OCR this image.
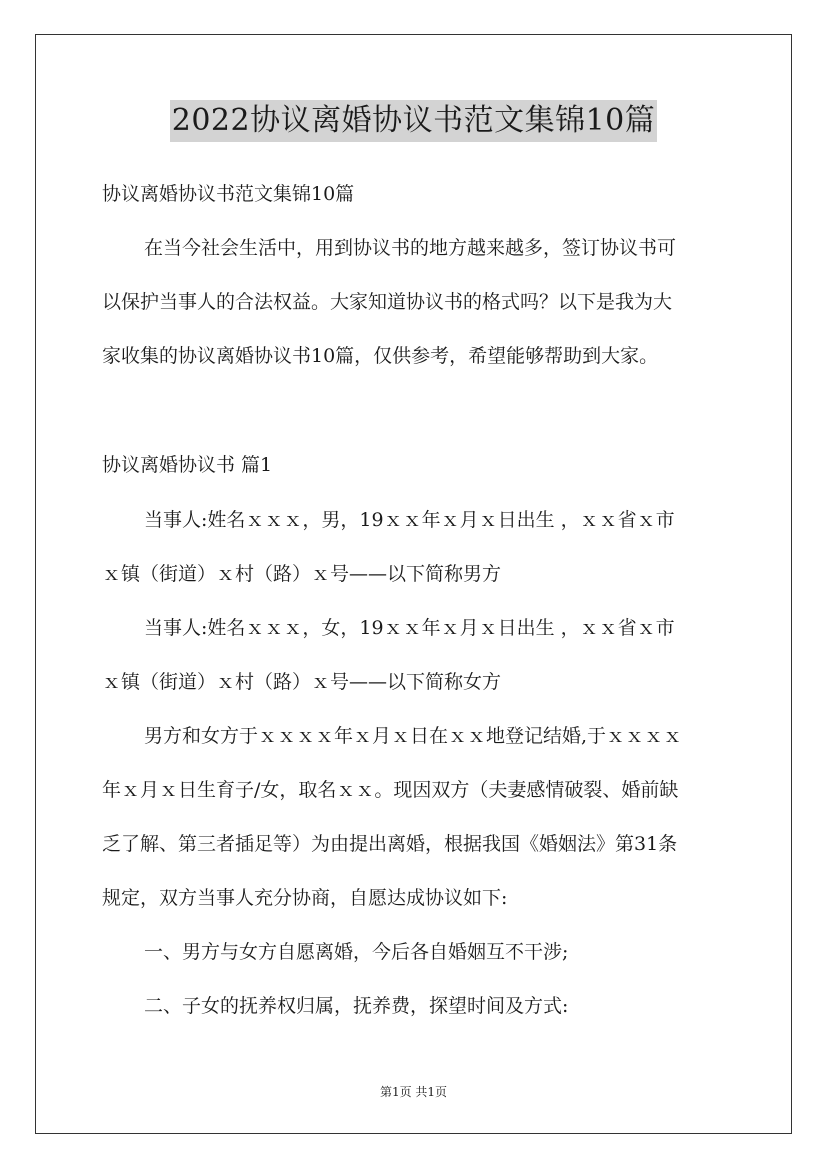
2022协议离婚协议书范文集锦10篇
协议离婚协议书范文集锦10篇
在当今社会生活中，用到协议书的地方越来越多，签订协议书可
以保护当事人的合法权益。大家知道协议书的格式吗？以下是我为大
家收集的协议离婚协议书10篇，仅供参考，希望能够帮助到大家。
协议离婚协议书 篇1
当事人:姓名ｘｘｘ，男，19ｘｘ年ｘ月ｘ日出生 ，ｘｘ省ｘ市
ｘ镇（街道）ｘ村（路）ｘ号——以下简称男方
当事人:姓名ｘｘｘ，女，19ｘｘ年ｘ月ｘ日出生 ，ｘｘ省ｘ市
ｘ镇（街道）ｘ村（路）ｘ号——以下简称女方
男方和女方于ｘｘｘｘ年ｘ月ｘ日在ｘｘ地登记结婚,于ｘｘｘｘ
年ｘ月ｘ日生育子/女，取名ｘｘ。现因双方（夫妻感情破裂、婚前缺
乏了解、第三者插足等）为由提出离婚，根据我国《婚姻法》第31条
规定，双方当事人充分协商，自愿达成协议如下:
一、男方与女方自愿离婚，今后各自婚姻互不干涉;
二、子女的抚养权归属，抚养费，探望时间及方式:
第1页 共1页
